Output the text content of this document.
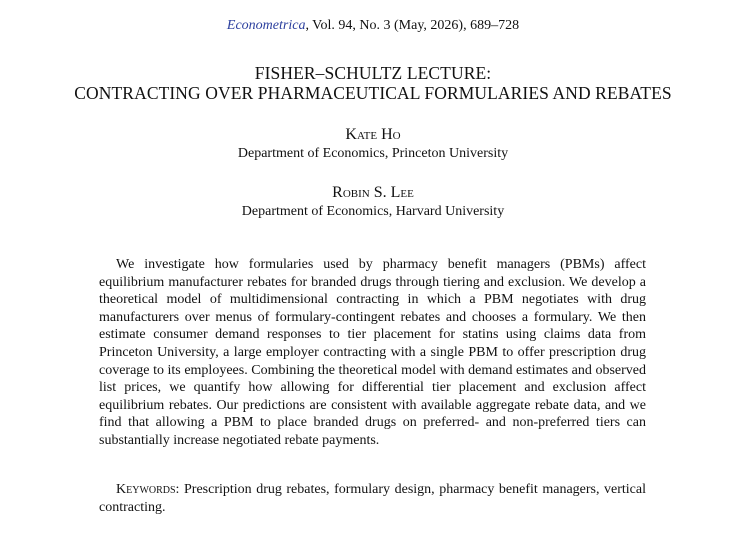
Econometrica, Vol. 94, No. 3 (May, 2026), 689–728
FISHER–SCHULTZ LECTURE:
CONTRACTING OVER PHARMACEUTICAL FORMULARIES AND REBATES
Kate Ho
Department of Economics, Princeton University
Robin S. Lee
Department of Economics, Harvard University

We investigate how formularies used by pharmacy benefit managers (PBMs) affect equilibrium manufacturer rebates for branded drugs through tiering and exclusion. We develop a theoretical model of multidimensional contracting in which a PBM negotiates with drug manufacturers over menus of formulary-contingent rebates and chooses a formulary. We then estimate consumer demand responses to tier placement for statins using claims data from Princeton University, a large employer contracting with a single PBM to offer prescription drug coverage to its employees. Combining the theoretical model with demand estimates and observed list prices, we quantify how allowing for differential tier placement and exclusion affect equilibrium rebates. Our predictions are consistent with available aggregate rebate data, and we find that allowing a PBM to place branded drugs on preferred- and non-preferred tiers can substantially increase negotiated rebate payments.

Keywords: Prescription drug rebates, formulary design, pharmacy benefit managers, vertical contracting.
